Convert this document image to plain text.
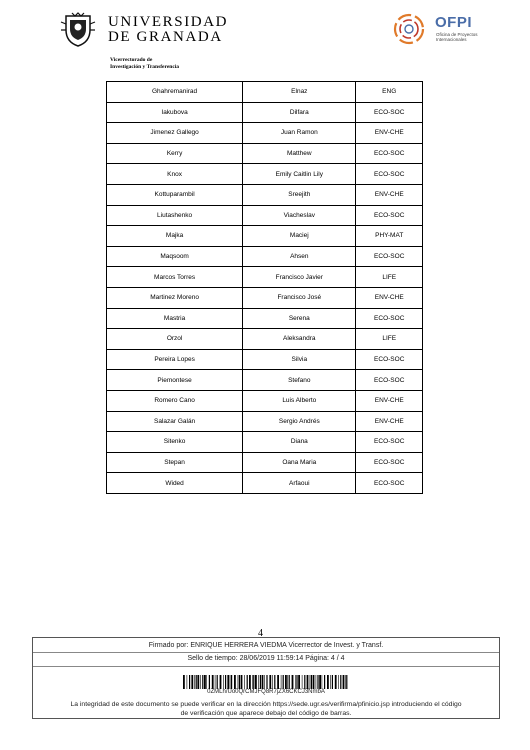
UNIVERSIDAD
DE GRANADA
Vicerrectorado de
Investigación y Transferencia
OFPI
Oficina de Proyectos Internacionales
Ghahremanirad	Elnaz	ENG
Iakubova	Dilfara	ECO-SOC
Jimenez Gallego	Juan Ramon	ENV-CHE
Kerry	Matthew	ECO-SOC
Knox	Emily Caitlin Lily	ECO-SOC
Kottuparambil	Sreejith	ENV-CHE
Liutashenko	Viacheslav	ECO-SOC
Majka	Maciej	PHY-MAT
Maqsoom	Ahsen	ECO-SOC
Marcos Torres	Francisco Javier	LIFE
Martinez Moreno	Francisco José	ENV-CHE
Mastria	Serena	ECO-SOC
Orzol	Aleksandra	LIFE
Pereira Lopes	Silvia	ECO-SOC
Piemontese	Stefano	ECO-SOC
Romero Cano	Luis Alberto	ENV-CHE
Salazar Galán	Sergio Andrés	ENV-CHE
Sitenko	Diana	ECO-SOC
Stepan	Oana Maria	ECO-SOC
Wided	Arfaoui	ECO-SOC
4
Firmado por: ENRIQUE HERRERA VIEDMA Vicerrector de Invest. y Transf.
Sello de tiempo: 28/06/2019 11:59:14 Página: 4 / 4
0ZMLh/Uo0QrCMJFQ8R7jZX6CKCJ3NmbA
La integridad de este documento se puede verificar en la dirección https://sede.ugr.es/verifirma/pfinicio.jsp introduciendo el código
de verificación que aparece debajo del código de barras.
